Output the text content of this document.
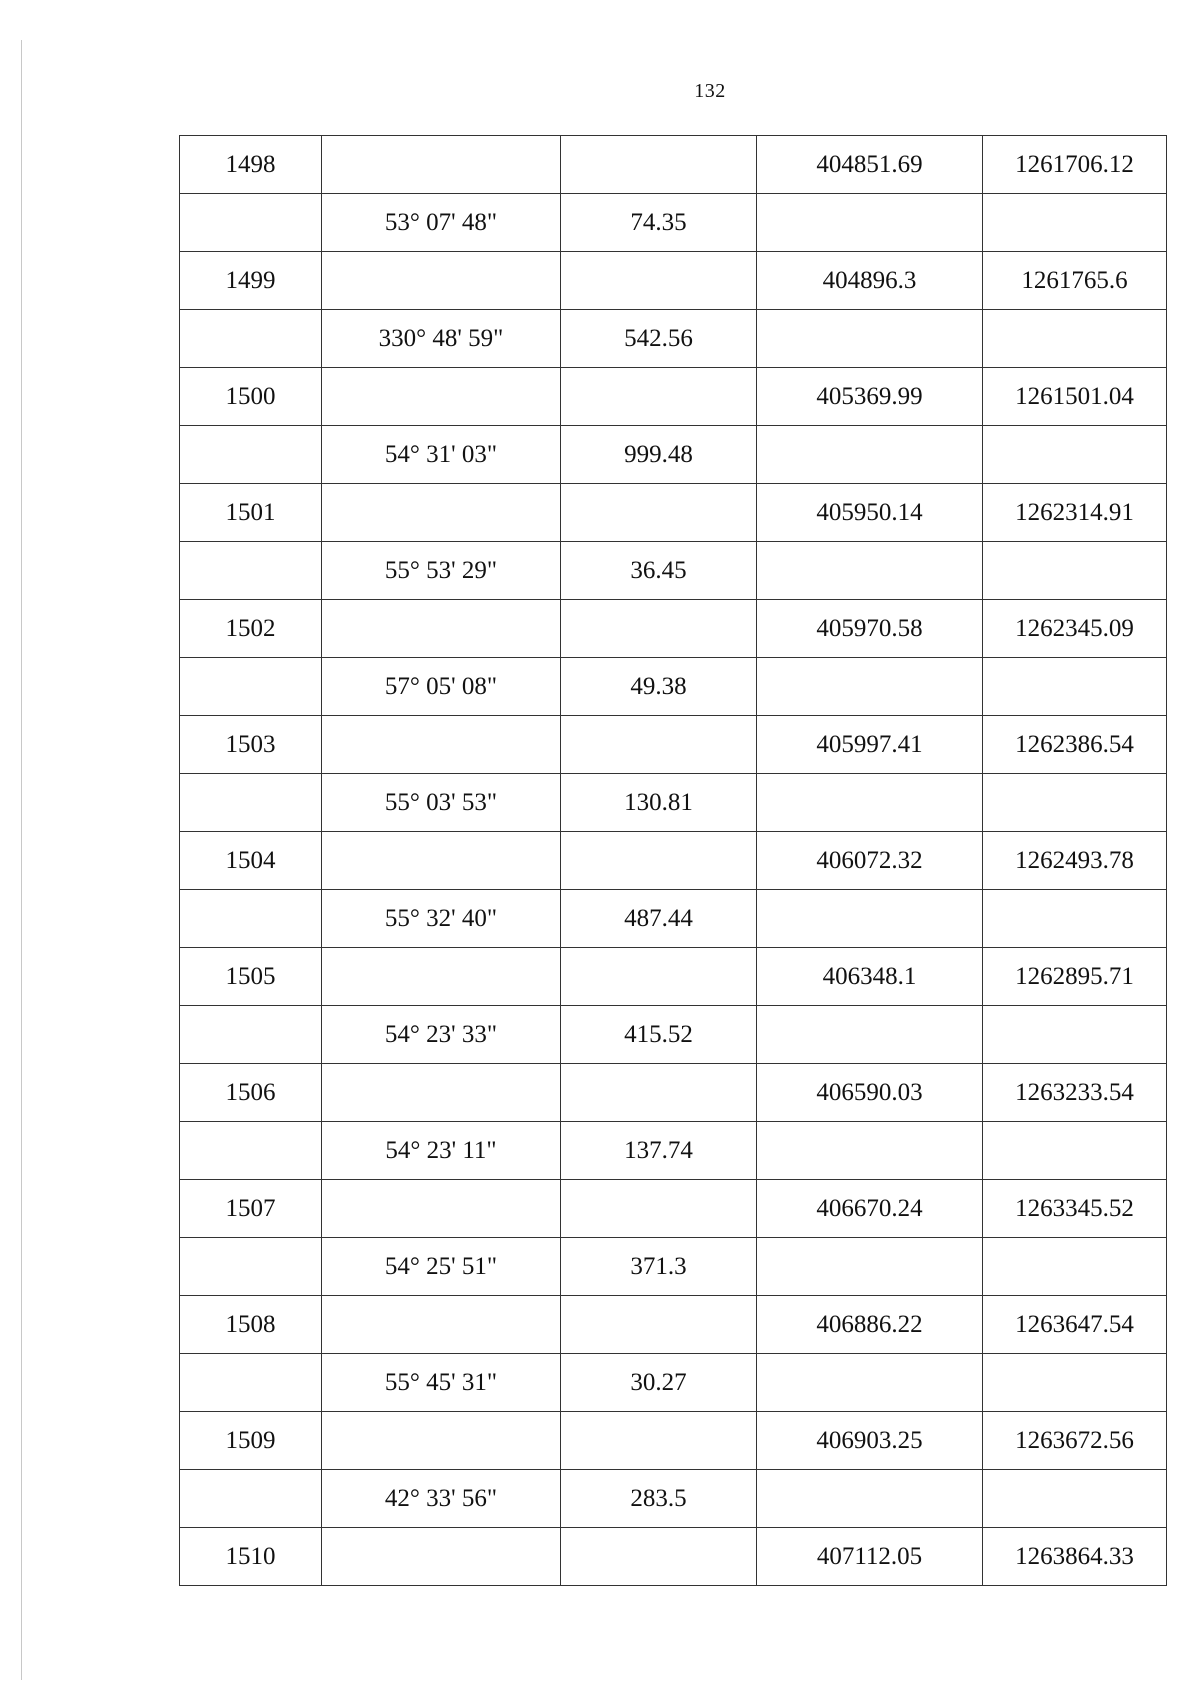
132
1498			404851.69	1261706.12
	53° 07' 48"	74.35		
1499			404896.3	1261765.6
	330° 48' 59"	542.56		
1500			405369.99	1261501.04
	54° 31' 03"	999.48		
1501			405950.14	1262314.91
	55° 53' 29"	36.45		
1502			405970.58	1262345.09
	57° 05' 08"	49.38		
1503			405997.41	1262386.54
	55° 03' 53"	130.81		
1504			406072.32	1262493.78
	55° 32' 40"	487.44		
1505			406348.1	1262895.71
	54° 23' 33"	415.52		
1506			406590.03	1263233.54
	54° 23' 11"	137.74		
1507			406670.24	1263345.52
	54° 25' 51"	371.3		
1508			406886.22	1263647.54
	55° 45' 31"	30.27		
1509			406903.25	1263672.56
	42° 33' 56"	283.5		
1510			407112.05	1263864.33
